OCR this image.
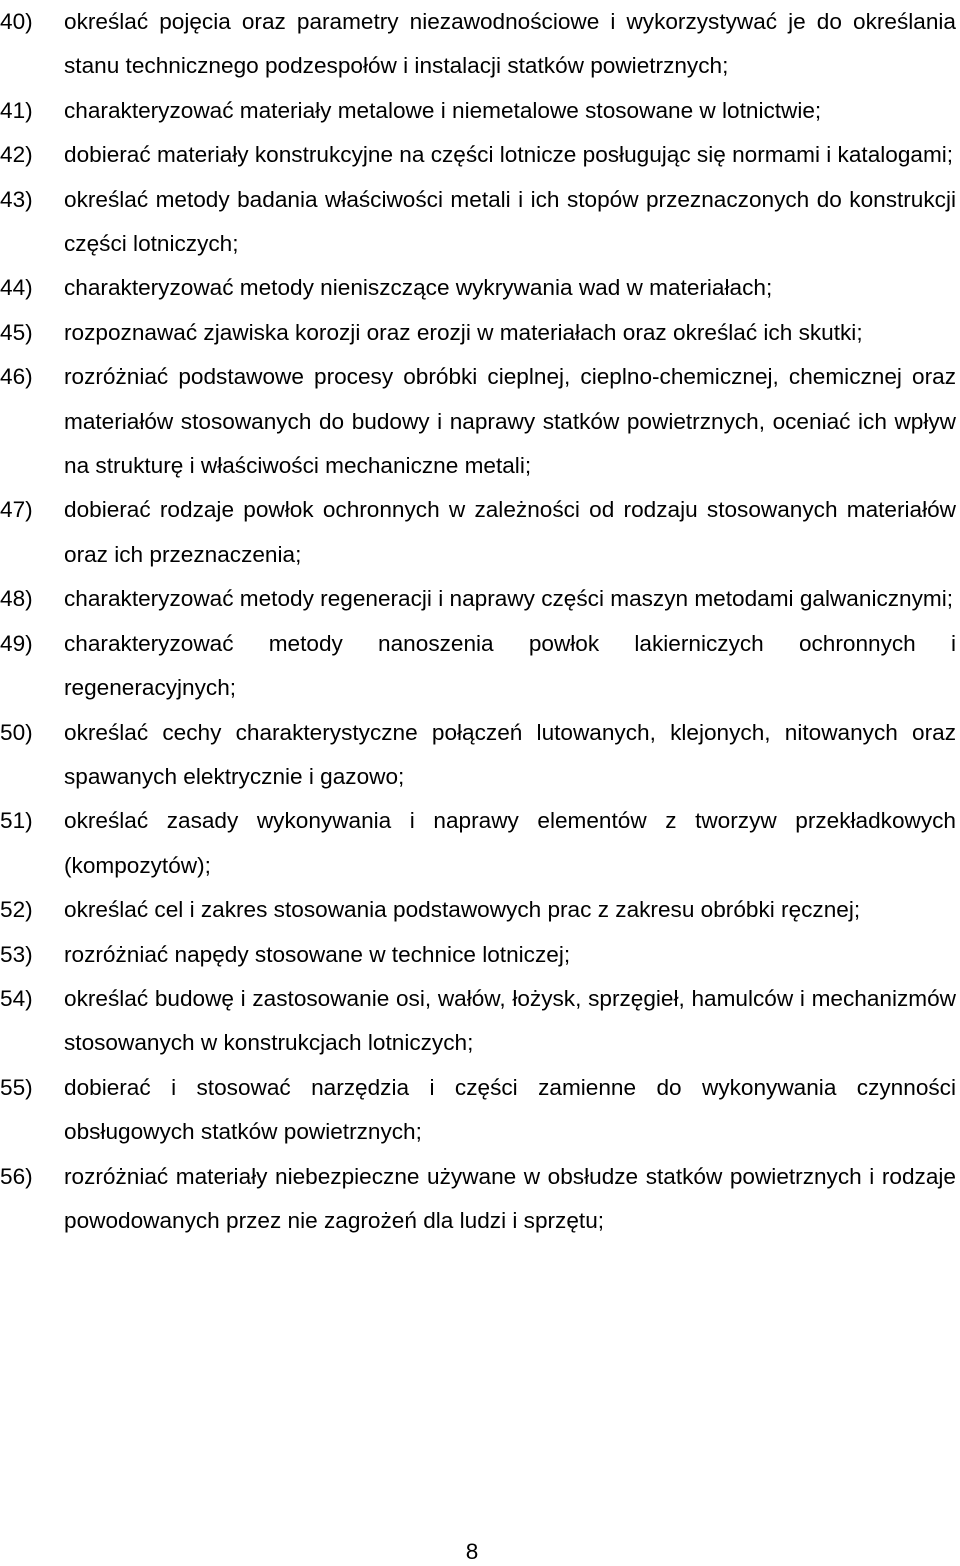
40)	określać pojęcia oraz parametry niezawodnościowe i wykorzystywać je do określania stanu technicznego podzespołów i instalacji statków powietrznych;
41)	charakteryzować materiały metalowe i niemetalowe stosowane w lotnictwie;
42)	dobierać materiały konstrukcyjne na części lotnicze posługując się normami i katalogami;
43)	określać metody badania właściwości metali i ich stopów przeznaczonych do konstrukcji części lotniczych;
44)	charakteryzować metody nieniszczące wykrywania wad w materiałach;
45)	rozpoznawać zjawiska korozji oraz erozji w materiałach oraz określać ich skutki;
46)	rozróżniać podstawowe procesy obróbki cieplnej, cieplno-chemicznej, chemicznej oraz materiałów stosowanych do budowy i naprawy statków powietrznych, oceniać ich wpływ na strukturę i właściwości mechaniczne metali;
47)	dobierać rodzaje powłok ochronnych w zależności od rodzaju stosowanych materiałów oraz ich przeznaczenia;
48)	charakteryzować metody regeneracji i naprawy części maszyn metodami galwanicznymi;
49)	charakteryzować metody nanoszenia powłok lakierniczych ochronnych i regeneracyjnych;
50)	określać cechy charakterystyczne połączeń lutowanych, klejonych, nitowanych oraz spawanych elektrycznie i gazowo;
51)	określać zasady wykonywania i naprawy elementów z tworzyw przekładkowych (kompozytów);
52)	określać cel i zakres stosowania podstawowych prac z zakresu obróbki ręcznej;
53)	rozróżniać napędy stosowane w technice lotniczej;
54)	określać budowę i zastosowanie osi, wałów, łożysk, sprzęgieł, hamulców i mechanizmów stosowanych w konstrukcjach lotniczych;
55)	dobierać i stosować narzędzia i części zamienne do wykonywania czynności obsługowych statków powietrznych;
56)	rozróżniać materiały niebezpieczne używane w obsłudze statków powietrznych i rodzaje powodowanych przez nie zagrożeń dla ludzi i sprzętu;
8
